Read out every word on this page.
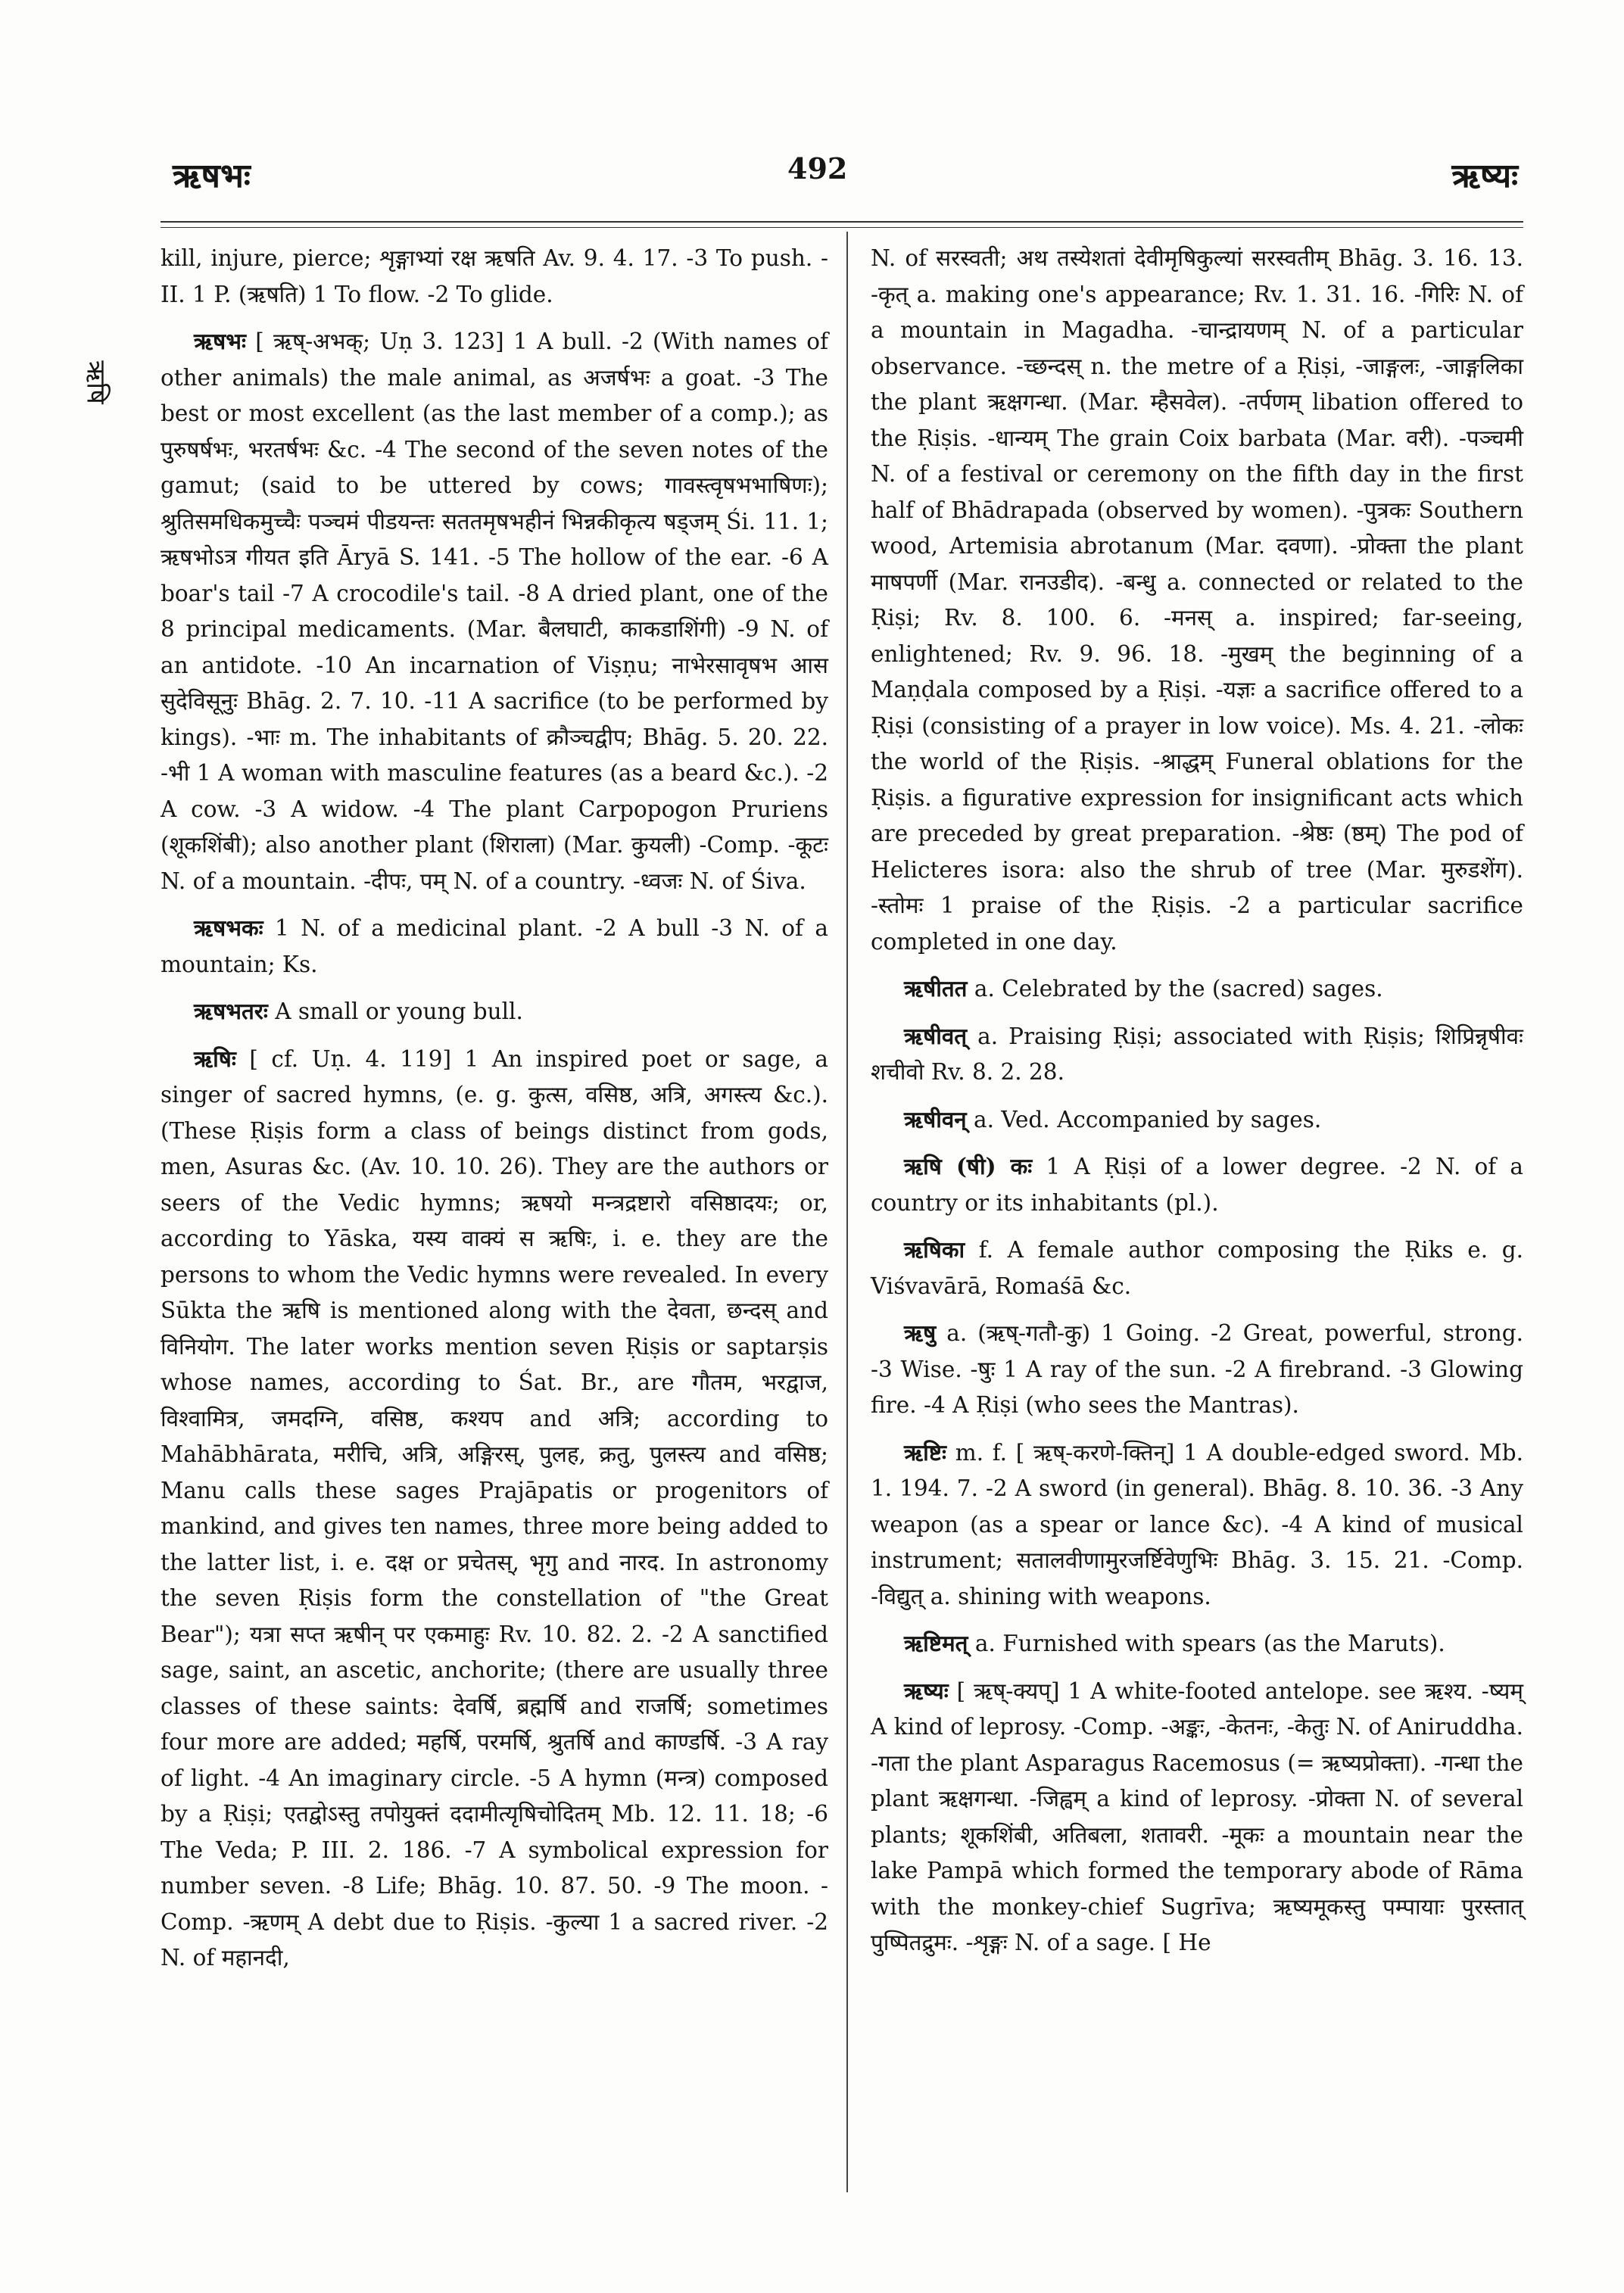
ऋषभः	492	ऋष्यः
ऋषि

kill, injure, pierce; शृङ्गाभ्यां रक्ष ऋषति Av. 9. 4. 17. -3 To push. -II. 1 P. (ऋषति) 1 To flow. -2 To glide.

ऋषभः [ ऋष्-अभक्; Uṇ 3. 123] 1 A bull. -2 (With names of other animals) the male animal, as अजर्षभः a goat. -3 The best or most excellent (as the last member of a comp.); as पुरुषर्षभः, भरतर्षभः &c. -4 The second of the seven notes of the gamut; (said to be uttered by cows; गावस्त्वृषभभाषिणः); श्रुतिसमधिकमुच्चैः पञ्चमं पीडयन्तः सततमृषभहीनं भिन्नकीकृत्य षड्जम् Śi. 11. 1; ऋषभोऽत्र गीयत इति Āryā S. 141. -5 The hollow of the ear. -6 A boar's tail -7 A crocodile's tail. -8 A dried plant, one of the 8 principal medicaments. (Mar. बैलघाटी, काकडाशिंगी) -9 N. of an antidote. -10 An incarnation of Viṣṇu; नाभेरसावृषभ आस सुदेविसूनुः Bhāg. 2. 7. 10. -11 A sacrifice (to be performed by kings). -भाः m. The inhabitants of क्रौञ्चद्वीप; Bhāg. 5. 20. 22. -भी 1 A woman with masculine features (as a beard &c.). -2 A cow. -3 A widow. -4 The plant Carpopogon Pruriens (शूकशिंबी); also another plant (शिराला) (Mar. कुयली) -Comp. -कूटः N. of a mountain. -दीपः, पम् N. of a country. -ध्वजः N. of Śiva.

ऋषभकः 1 N. of a medicinal plant. -2 A bull -3 N. of a mountain; Ks.

ऋषभतरः A small or young bull.

ऋषिः [ cf. Uṇ. 4. 119] 1 An inspired poet or sage, a singer of sacred hymns, (e. g. कुत्स, वसिष्ठ, अत्रि, अगस्त्य &c.). (These Ṛiṣis form a class of beings distinct from gods, men, Asuras &c. (Av. 10. 10. 26). They are the authors or seers of the Vedic hymns; ऋषयो मन्त्रद्रष्टारो वसिष्ठादयः; or, according to Yāska, यस्य वाक्यं स ऋषिः, i. e. they are the persons to whom the Vedic hymns were revealed. In every Sūkta the ऋषि is mentioned along with the देवता, छन्दस् and विनियोग. The later works mention seven Ṛiṣis or saptarṣis whose names, according to Śat. Br., are गौतम, भरद्वाज, विश्वामित्र, जमदग्नि, वसिष्ठ, कश्यप and अत्रि; according to Mahābhārata, मरीचि, अत्रि, अङ्गिरस्, पुलह, क्रतु, पुलस्त्य and वसिष्ठ; Manu calls these sages Prajāpatis or progenitors of mankind, and gives ten names, three more being added to the latter list, i. e. दक्ष or प्रचेतस्, भृगु and नारद. In astronomy the seven Ṛiṣis form the constellation of "the Great Bear"); यत्रा सप्त ऋषीन् पर एकमाहुः Rv. 10. 82. 2. -2 A sanctified sage, saint, an ascetic, anchorite; (there are usually three classes of these saints: देवर्षि, ब्रह्मर्षि and राजर्षि; sometimes four more are added; महर्षि, परमर्षि, श्रुतर्षि and काण्डर्षि. -3 A ray of light. -4 An imaginary circle. -5 A hymn (मन्त्र) composed by a Ṛiṣi; एतद्वोऽस्तु तपोयुक्तं ददामीत्यृषिचोदितम् Mb. 12. 11. 18; -6 The Veda; P. III. 2. 186. -7 A symbolical expression for number seven. -8 Life; Bhāg. 10. 87. 50. -9 The moon. -Comp. -ऋणम् A debt due to Ṛiṣis. -कुल्या 1 a sacred river. -2 N. of महानदी,

N. of सरस्वती; अथ तस्येशतां देवीमृषिकुल्यां सरस्वतीम् Bhāg. 3. 16. 13. -कृत् a. making one's appearance; Rv. 1. 31. 16. -गिरिः N. of a mountain in Magadha. -चान्द्रायणम् N. of a particular observance. -च्छन्दस् n. the metre of a Ṛiṣi, -जाङ्गलः, -जाङ्गलिका the plant ऋक्षगन्धा. (Mar. म्हैसवेल). -तर्पणम् libation offered to the Ṛiṣis. -धान्यम् The grain Coix barbata (Mar. वरी). -पञ्चमी N. of a festival or ceremony on the fifth day in the first half of Bhādrapada (observed by women). -पुत्रकः Southern wood, Artemisia abrotanum (Mar. दवणा). -प्रोक्ता the plant माषपर्णी (Mar. रानउडीद). -बन्धु a. connected or related to the Ṛiṣi; Rv. 8. 100. 6. -मनस् a. inspired; far-seeing, enlightened; Rv. 9. 96. 18. -मुखम् the beginning of a Maṇḍala composed by a Ṛiṣi. -यज्ञः a sacrifice offered to a Ṛiṣi (consisting of a prayer in low voice). Ms. 4. 21. -लोकः the world of the Ṛiṣis. -श्राद्धम् Funeral oblations for the Ṛiṣis. a figurative expression for insignificant acts which are preceded by great preparation. -श्रेष्ठः (ष्ठम्) The pod of Helicteres isora: also the shrub of tree (Mar. मुरुडशेंग). -स्तोमः 1 praise of the Ṛiṣis. -2 a particular sacrifice completed in one day.

ऋषीतत a. Celebrated by the (sacred) sages.

ऋषीवत् a. Praising Ṛiṣi; associated with Ṛiṣis; शिप्रिन्नृषीवः शचीवो Rv. 8. 2. 28.

ऋषीवन् a. Ved. Accompanied by sages.

ऋषि (षी) कः 1 A Ṛiṣi of a lower degree. -2 N. of a country or its inhabitants (pl.).

ऋषिका f. A female author composing the Ṛiks e. g. Viśvavārā, Romaśā &c.

ऋषु a. (ऋष्-गतौ-कु) 1 Going. -2 Great, powerful, strong. -3 Wise. -षुः 1 A ray of the sun. -2 A firebrand. -3 Glowing fire. -4 A Ṛiṣi (who sees the Mantras).

ऋष्टिः m. f. [ ऋष्-करणे-क्तिन्] 1 A double-edged sword. Mb. 1. 194. 7. -2 A sword (in general). Bhāg. 8. 10. 36. -3 Any weapon (as a spear or lance &c). -4 A kind of musical instrument; सतालवीणामुरजर्ष्टिवेणुभिः Bhāg. 3. 15. 21. -Comp. -विद्युत् a. shining with weapons.

ऋष्टिमत् a. Furnished with spears (as the Maruts).

ऋष्यः [ ऋष्-क्यप्] 1 A white-footed antelope. see ऋश्य. -ष्यम् A kind of leprosy. -Comp. -अङ्कः, -केतनः, -केतुः N. of Aniruddha. -गता the plant Asparagus Racemosus (= ऋष्यप्रोक्ता). -गन्धा the plant ऋक्षगन्धा. -जिह्वम् a kind of leprosy. -प्रोक्ता N. of several plants; शूकशिंबी, अतिबला, शतावरी. -मूकः a mountain near the lake Pampā which formed the temporary abode of Rāma with the monkey-chief Sugrīva; ऋष्यमूकस्तु पम्पायाः पुरस्तात् पुष्पितद्रुमः. -शृङ्गः N. of a sage. [ He
